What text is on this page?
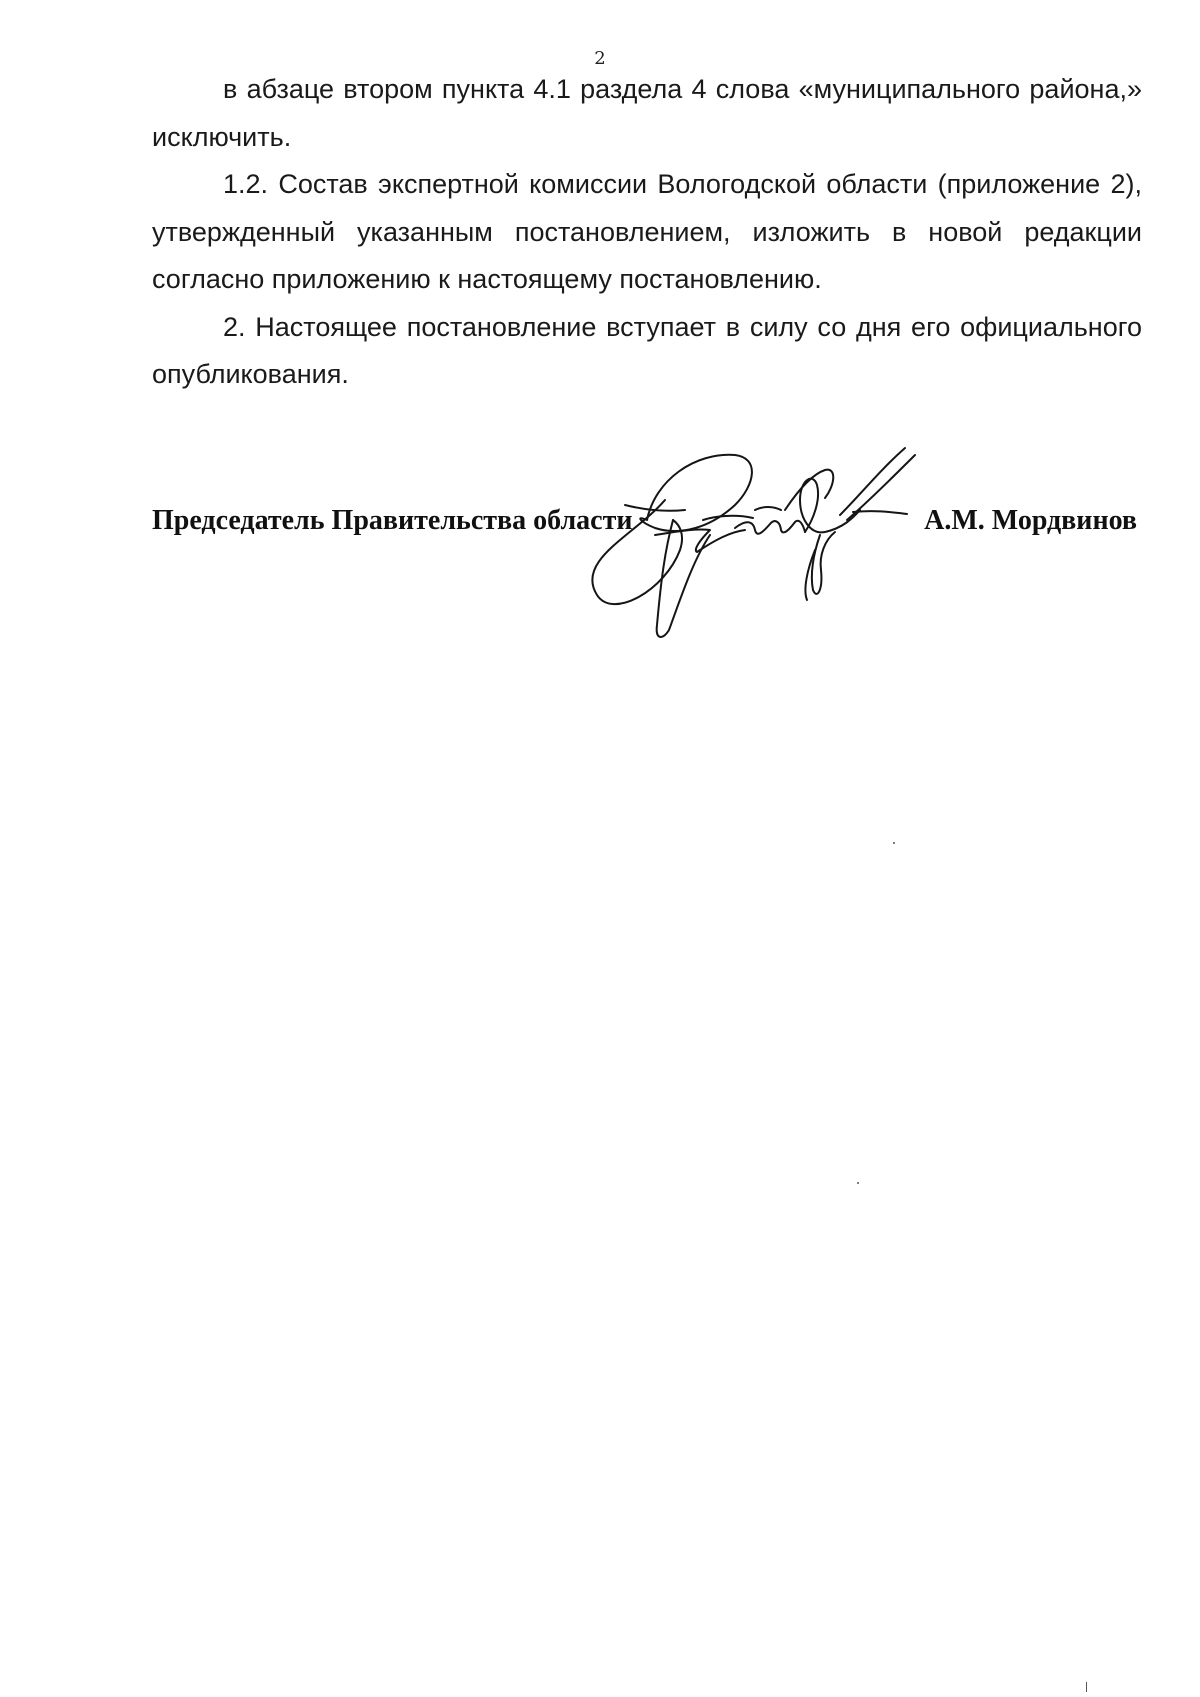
2

в абзаце втором пункта 4.1 раздела 4 слова «муниципального района,» исключить.

1.2. Состав экспертной комиссии Вологодской области (приложение 2), утвержденный указанным постановлением, изложить в новой редакции согласно приложению к настоящему постановлению.

2. Настоящее постановление вступает в силу со дня его официального опубликования.

Председатель Правительства области	А.М. Мордвинов
